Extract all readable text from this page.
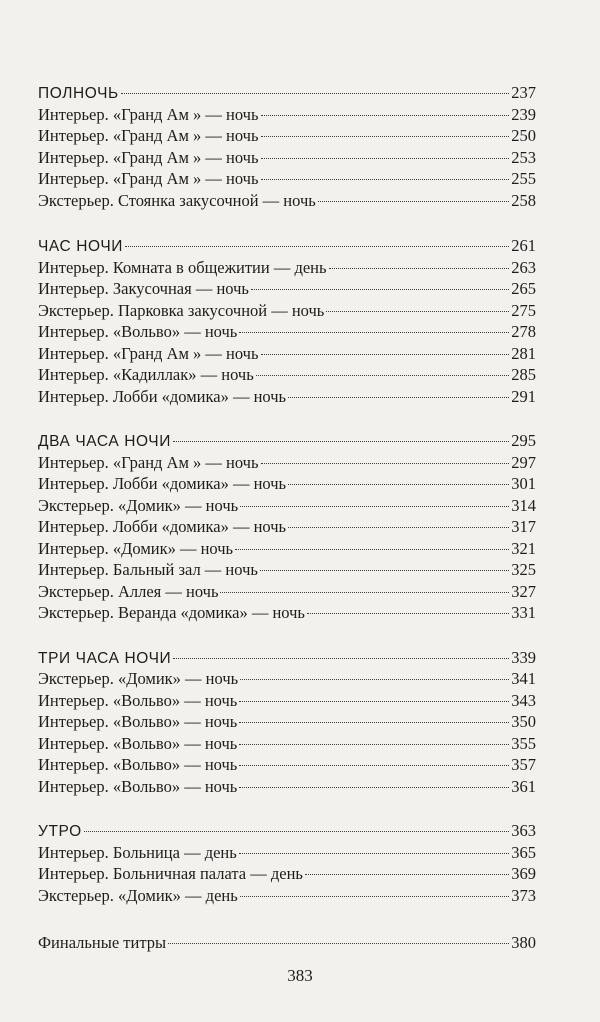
ПОЛНОЧЬ	237
Интерьер. «Гранд Ам » — ночь	239
Интерьер. «Гранд Ам » — ночь	250
Интерьер. «Гранд Ам » — ночь	253
Интерьер. «Гранд Ам » — ночь	255
Экстерьер. Стоянка закусочной — ночь	258
ЧАС НОЧИ	261
Интерьер. Комната в общежитии — день	263
Интерьер. Закусочная — ночь	265
Экстерьер. Парковка закусочной — ночь	275
Интерьер. «Вольво» — ночь	278
Интерьер. «Гранд Ам » — ночь	281
Интерьер. «Кадиллак» — ночь	285
Интерьер. Лобби «домика» — ночь	291
ДВА ЧАСА НОЧИ	295
Интерьер. «Гранд Ам » — ночь	297
Интерьер. Лобби «домика» — ночь	301
Экстерьер. «Домик» — ночь	314
Интерьер. Лобби «домика» — ночь	317
Интерьер. «Домик» — ночь	321
Интерьер. Бальный зал — ночь	325
Экстерьер. Аллея — ночь	327
Экстерьер. Веранда «домика» — ночь	331
ТРИ ЧАСА НОЧИ	339
Экстерьер. «Домик» — ночь	341
Интерьер. «Вольво» — ночь	343
Интерьер. «Вольво» — ночь	350
Интерьер. «Вольво» — ночь	355
Интерьер. «Вольво» — ночь	357
Интерьер. «Вольво» — ночь	361
УТРО	363
Интерьер. Больница — день	365
Интерьер. Больничная палата — день	369
Экстерьер. «Домик» — день	373
Финальные титры	380
383
